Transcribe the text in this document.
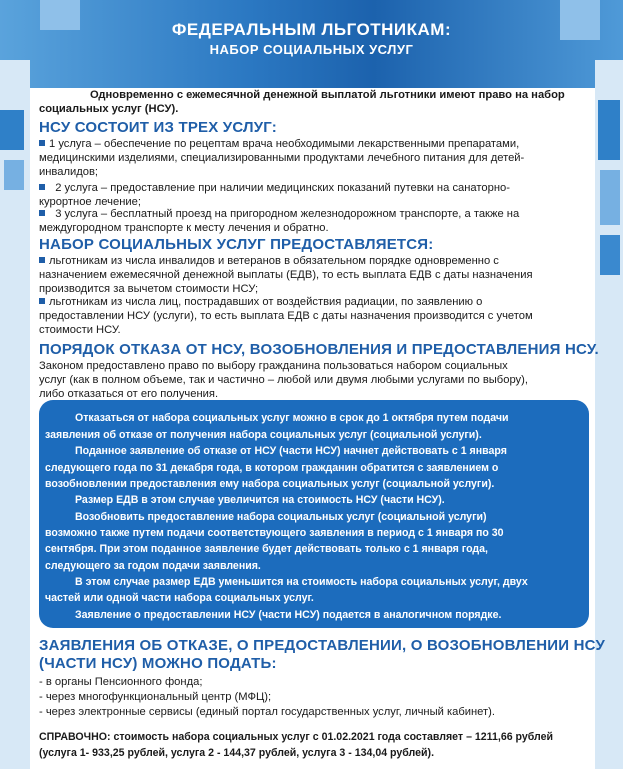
ФЕДЕРАЛЬНЫМ ЛЬГОТНИКАМ:
НАБОР СОЦИАЛЬНЫХ УСЛУГ
Одновременно с ежемесячной денежной выплатой льготники имеют право на набор
социальных услуг (НСУ).
НСУ СОСТОИТ ИЗ ТРЕХ УСЛУГ:
1 услуга – обеспечение по рецептам врача необходимыми лекарственными препаратами,
медицинскими изделиями, специализированными продуктами лечебного питания для детей-
инвалидов;
2 услуга – предоставление при наличии медицинских показаний путевки на санаторно-
курортное лечение;
3 услуга – бесплатный проезд на пригородном железнодорожном транспорте, а также на
междугородном транспорте к месту лечения и обратно.
НАБОР СОЦИАЛЬНЫХ УСЛУГ ПРЕДОСТАВЛЯЕТСЯ:
льготникам из числа инвалидов и ветеранов в обязательном порядке одновременно с
назначением ежемесячной денежной выплаты (ЕДВ), то есть выплата ЕДВ с даты назначения
производится за вычетом стоимости НСУ;
льготникам из числа лиц, пострадавших от воздействия радиации, по заявлению о
предоставлении НСУ (услуги), то есть выплата ЕДВ с даты назначения производится с учетом
стоимости НСУ.
ПОРЯДОК ОТКАЗА ОТ НСУ, ВОЗОБНОВЛЕНИЯ И ПРЕДОСТАВЛЕНИЯ НСУ.
Законом предоставлено право по выбору гражданина пользоваться набором социальных
услуг (как в полном объеме, так и частично – любой или двумя любыми услугами по выбору),
либо отказаться от его получения.
Отказаться от набора социальных услуг можно в срок до 1 октября путем подачи
заявления об отказе от получения набора социальных услуг (социальной услуги).
Поданное заявление об отказе от НСУ (части НСУ) начнет действовать с 1 января
следующего года по 31 декабря года, в котором гражданин обратится с заявлением о
возобновлении предоставления ему набора социальных услуг (социальной услуги).
Размер ЕДВ в этом случае увеличится на стоимость НСУ (части НСУ).
Возобновить предоставление набора социальных услуг (социальной услуги)
возможно также путем подачи соответствующего заявления в период с 1 января по 30
сентября. При этом поданное заявление будет действовать только с 1 января года,
следующего за годом подачи заявления.
В этом случае размер ЕДВ уменьшится на стоимость набора социальных услуг, двух
частей или одной части набора социальных услуг.
Заявление о предоставлении НСУ (части НСУ) подается в аналогичном порядке.
ЗАЯВЛЕНИЯ ОБ ОТКАЗЕ, О ПРЕДОСТАВЛЕНИИ, О ВОЗОБНОВЛЕНИИ НСУ
(ЧАСТИ НСУ) МОЖНО ПОДАТЬ:
- в органы Пенсионного фонда;
- через многофункциональный центр (МФЦ);
- через электронные сервисы (единый портал государственных услуг, личный кабинет).
СПРАВОЧНО: стоимость набора социальных услуг с 01.02.2021 года составляет – 1211,66 рублей
(услуга 1- 933,25 рублей, услуга 2 - 144,37 рублей, услуга 3 - 134,04 рублей).
